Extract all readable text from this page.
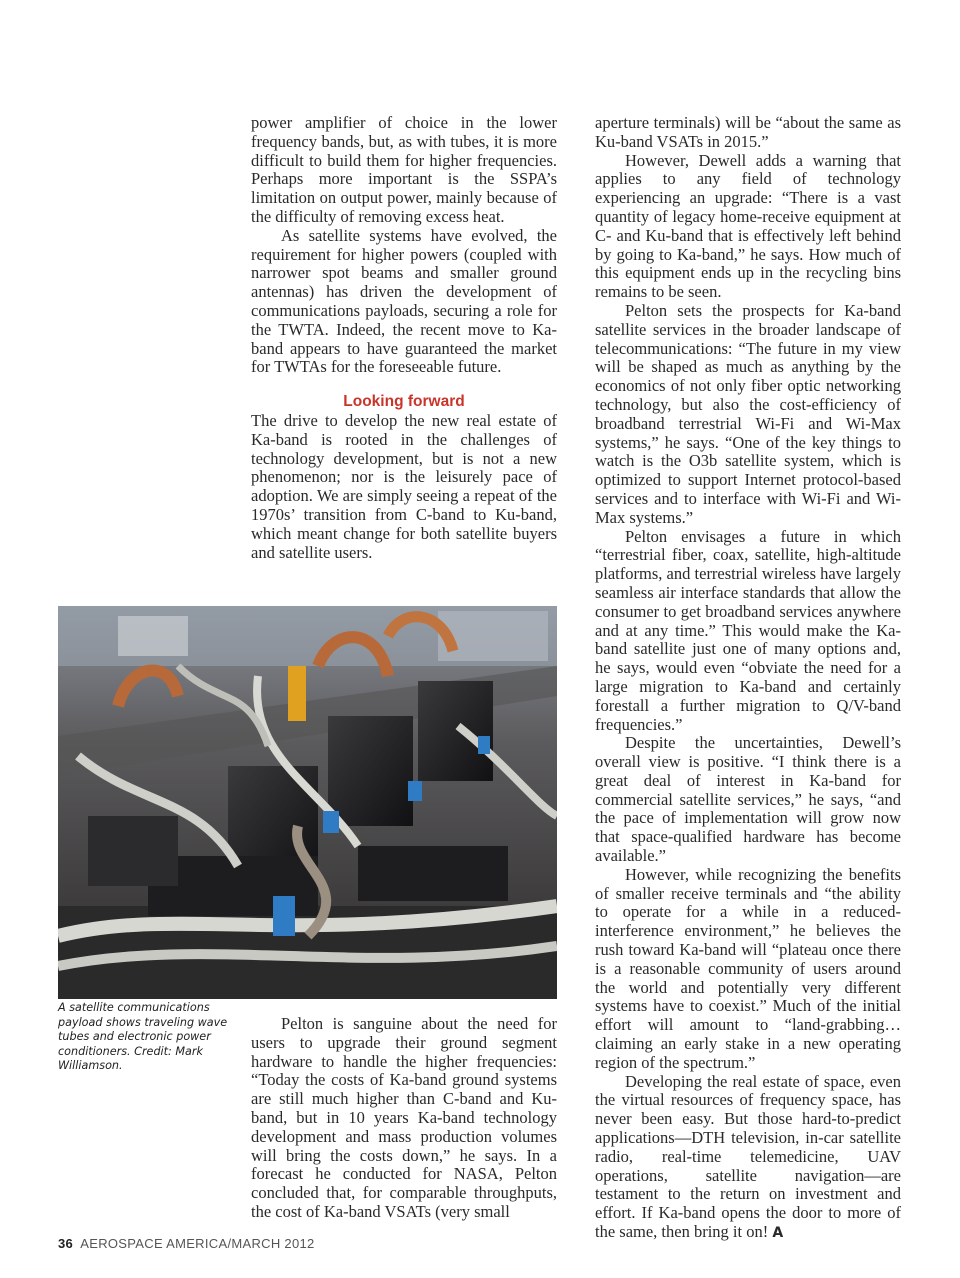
power amplifier of choice in the lower frequency bands, but, as with tubes, it is more difficult to build them for higher frequencies. Perhaps more important is the SSPA’s limitation on output power, mainly because of the difficulty of removing excess heat.

As satellite systems have evolved, the requirement for higher powers (coupled with narrower spot beams and smaller ground antennas) has driven the development of communications payloads, securing a role for the TWTA. Indeed, the recent move to Ka-band appears to have guaranteed the market for TWTAs for the foreseeable future.

Looking forward

The drive to develop the new real estate of Ka-band is rooted in the challenges of technology development, but is not a new phenomenon; nor is the leisurely pace of adoption. We are simply seeing a repeat of the 1970s’ transition from C-band to Ku-band, which meant change for both satellite buyers and satellite users.

A satellite communications payload shows traveling wave tubes and electronic power conditioners. Credit: Mark Williamson.

Pelton is sanguine about the need for users to upgrade their ground segment hardware to handle the higher frequencies: “Today the costs of Ka-band ground systems are still much higher than C-band and Ku-band, but in 10 years Ka-band technology development and mass production volumes will bring the costs down,” he says. In a forecast he conducted for NASA, Pelton concluded that, for comparable throughputs, the cost of Ka-band VSATs (very small

aperture terminals) will be “about the same as Ku-band VSATs in 2015.”

However, Dewell adds a warning that applies to any field of technology experiencing an upgrade: “There is a vast quantity of legacy home-receive equipment at C- and Ku-band that is effectively left behind by going to Ka-band,” he says. How much of this equipment ends up in the recycling bins remains to be seen.

Pelton sets the prospects for Ka-band satellite services in the broader landscape of telecommunications: “The future in my view will be shaped as much as anything by the economics of not only fiber optic networking technology, but also the cost-efficiency of broadband terrestrial Wi-Fi and Wi-Max systems,” he says. “One of the key things to watch is the O3b satellite system, which is optimized to support Internet protocol-based services and to interface with Wi-Fi and Wi-Max systems.”

Pelton envisages a future in which “terrestrial fiber, coax, satellite, high-altitude platforms, and terrestrial wireless have largely seamless air interface standards that allow the consumer to get broadband services anywhere and at any time.” This would make the Ka-band satellite just one of many options and, he says, would even “obviate the need for a large migration to Ka-band and certainly forestall a further migration to Q/V-band frequencies.”

Despite the uncertainties, Dewell’s overall view is positive. “I think there is a great deal of interest in Ka-band for commercial satellite services,” he says, “and the pace of implementation will grow now that space-qualified hardware has become available.”

However, while recognizing the benefits of smaller receive terminals and “the ability to operate for a while in a reduced-interference environment,” he believes the rush toward Ka-band will “plateau once there is a reasonable community of users around the world and potentially very different systems have to coexist.” Much of the initial effort will amount to “land-grabbing…claiming an early stake in a new operating region of the spectrum.”

Developing the real estate of space, even the virtual resources of frequency space, has never been easy. But those hard-to-predict applications—DTH television, in-car satellite radio, real-time telemedicine, UAV operations, satellite navigation—are testament to the return on investment and effort. If Ka-band opens the door to more of the same, then bring it on! A

36 AEROSPACE AMERICA/MARCH 2012
